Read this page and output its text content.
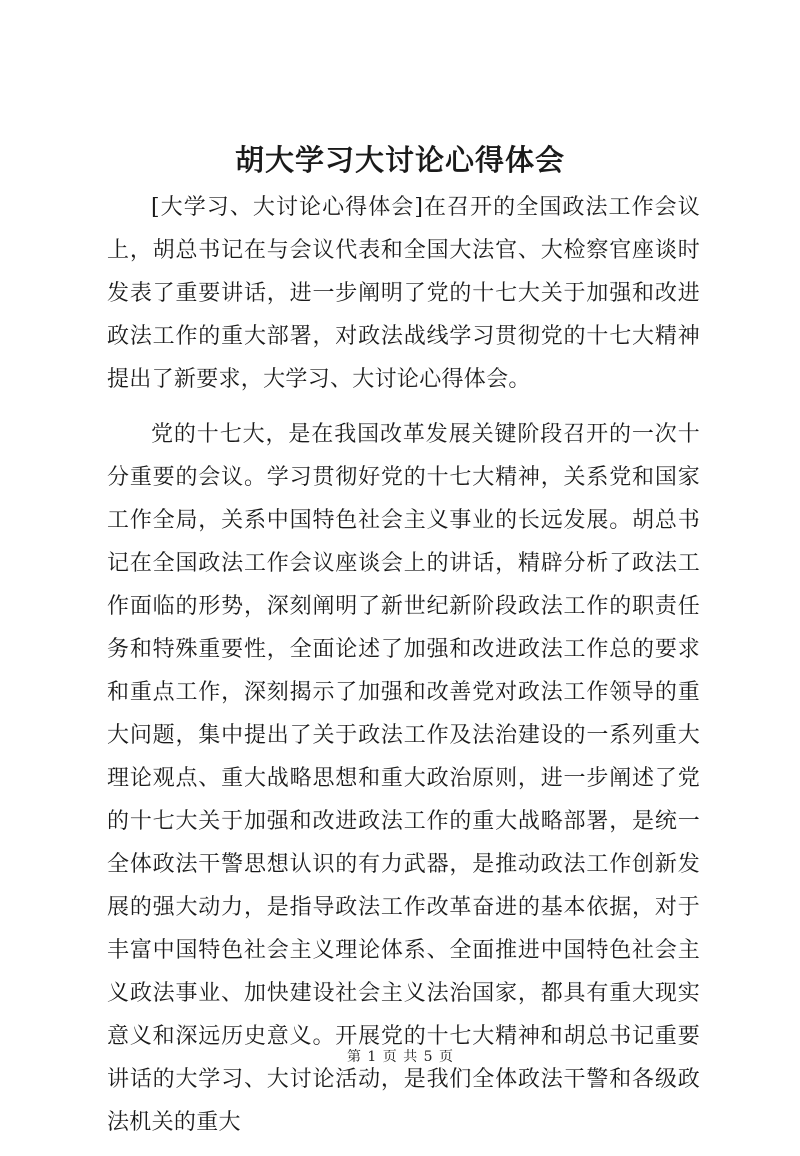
胡大学习大讨论心得体会

[大学习、大讨论心得体会]在召开的全国政法工作会议上，胡总书记在与会议代表和全国大法官、大检察官座谈时发表了重要讲话，进一步阐明了党的十七大关于加强和改进政法工作的重大部署，对政法战线学习贯彻党的十七大精神提出了新要求，大学习、大讨论心得体会。

党的十七大，是在我国改革发展关键阶段召开的一次十分重要的会议。学习贯彻好党的十七大精神，关系党和国家工作全局，关系中国特色社会主义事业的长远发展。胡总书记在全国政法工作会议座谈会上的讲话，精辟分析了政法工作面临的形势，深刻阐明了新世纪新阶段政法工作的职责任务和特殊重要性，全面论述了加强和改进政法工作总的要求和重点工作，深刻揭示了加强和改善党对政法工作领导的重大问题，集中提出了关于政法工作及法治建设的一系列重大理论观点、重大战略思想和重大政治原则，进一步阐述了党的十七大关于加强和改进政法工作的重大战略部署，是统一全体政法干警思想认识的有力武器，是推动政法工作创新发展的强大动力，是指导政法工作改革奋进的基本依据，对于丰富中国特色社会主义理论体系、全面推进中国特色社会主义政法事业、加快建设社会主义法治国家，都具有重大现实意义和深远历史意义。开展党的十七大精神和胡总书记重要讲话的大学习、大讨论活动，是我们全体政法干警和各级政法机关的重大

第 1 页 共 5 页
